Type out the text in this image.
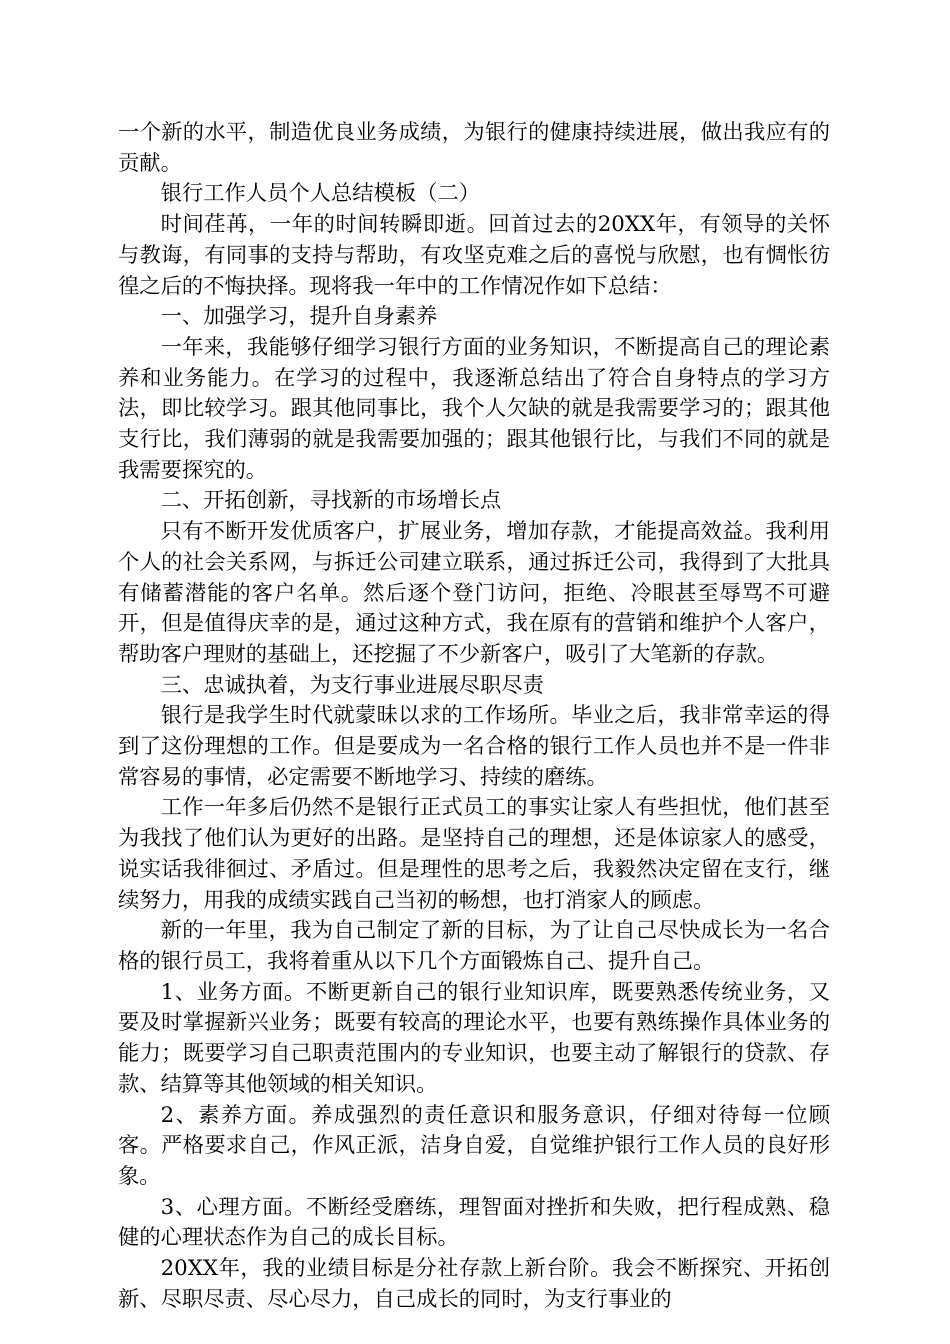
一个新的水平，制造优良业务成绩，为银行的健康持续进展，做出我应有的贡献。

银行工作人员个人总结模板（二）

时间荏苒，一年的时间转瞬即逝。回首过去的20XX年，有领导的关怀与教诲，有同事的支持与帮助，有攻坚克难之后的喜悦与欣慰，也有惆怅彷徨之后的不悔抉择。现将我一年中的工作情况作如下总结：

一、加强学习，提升自身素养

一年来，我能够仔细学习银行方面的业务知识，不断提高自己的理论素养和业务能力。在学习的过程中，我逐渐总结出了符合自身特点的学习方法，即比较学习。跟其他同事比，我个人欠缺的就是我需要学习的；跟其他支行比，我们薄弱的就是我需要加强的；跟其他银行比，与我们不同的就是我需要探究的。

二、开拓创新，寻找新的市场增长点

只有不断开发优质客户，扩展业务，增加存款，才能提高效益。我利用个人的社会关系网，与拆迁公司建立联系，通过拆迁公司，我得到了大批具有储蓄潜能的客户名单。然后逐个登门访问，拒绝、冷眼甚至辱骂不可避开，但是值得庆幸的是，通过这种方式，我在原有的营销和维护个人客户，帮助客户理财的基础上，还挖掘了不少新客户，吸引了大笔新的存款。

三、忠诚执着，为支行事业进展尽职尽责

银行是我学生时代就蒙昧以求的工作场所。毕业之后，我非常幸运的得到了这份理想的工作。但是要成为一名合格的银行工作人员也并不是一件非常容易的事情，必定需要不断地学习、持续的磨练。

工作一年多后仍然不是银行正式员工的事实让家人有些担忧，他们甚至为我找了他们认为更好的出路。是坚持自己的理想，还是体谅家人的感受，说实话我徘徊过、矛盾过。但是理性的思考之后，我毅然决定留在支行，继续努力，用我的成绩实践自己当初的畅想，也打消家人的顾虑。

新的一年里，我为自己制定了新的目标，为了让自己尽快成长为一名合格的银行员工，我将着重从以下几个方面锻炼自己、提升自己。

1、业务方面。不断更新自己的银行业知识库，既要熟悉传统业务，又要及时掌握新兴业务；既要有较高的理论水平，也要有熟练操作具体业务的能力；既要学习自己职责范围内的专业知识，也要主动了解银行的贷款、存款、结算等其他领域的相关知识。

2、素养方面。养成强烈的责任意识和服务意识，仔细对待每一位顾客。严格要求自己，作风正派，洁身自爱，自觉维护银行工作人员的良好形象。

3、心理方面。不断经受磨练，理智面对挫折和失败，把行程成熟、稳健的心理状态作为自己的成长目标。

20XX年，我的业绩目标是分社存款上新台阶。我会不断探究、开拓创新、尽职尽责、尽心尽力，自己成长的同时，为支行事业的
